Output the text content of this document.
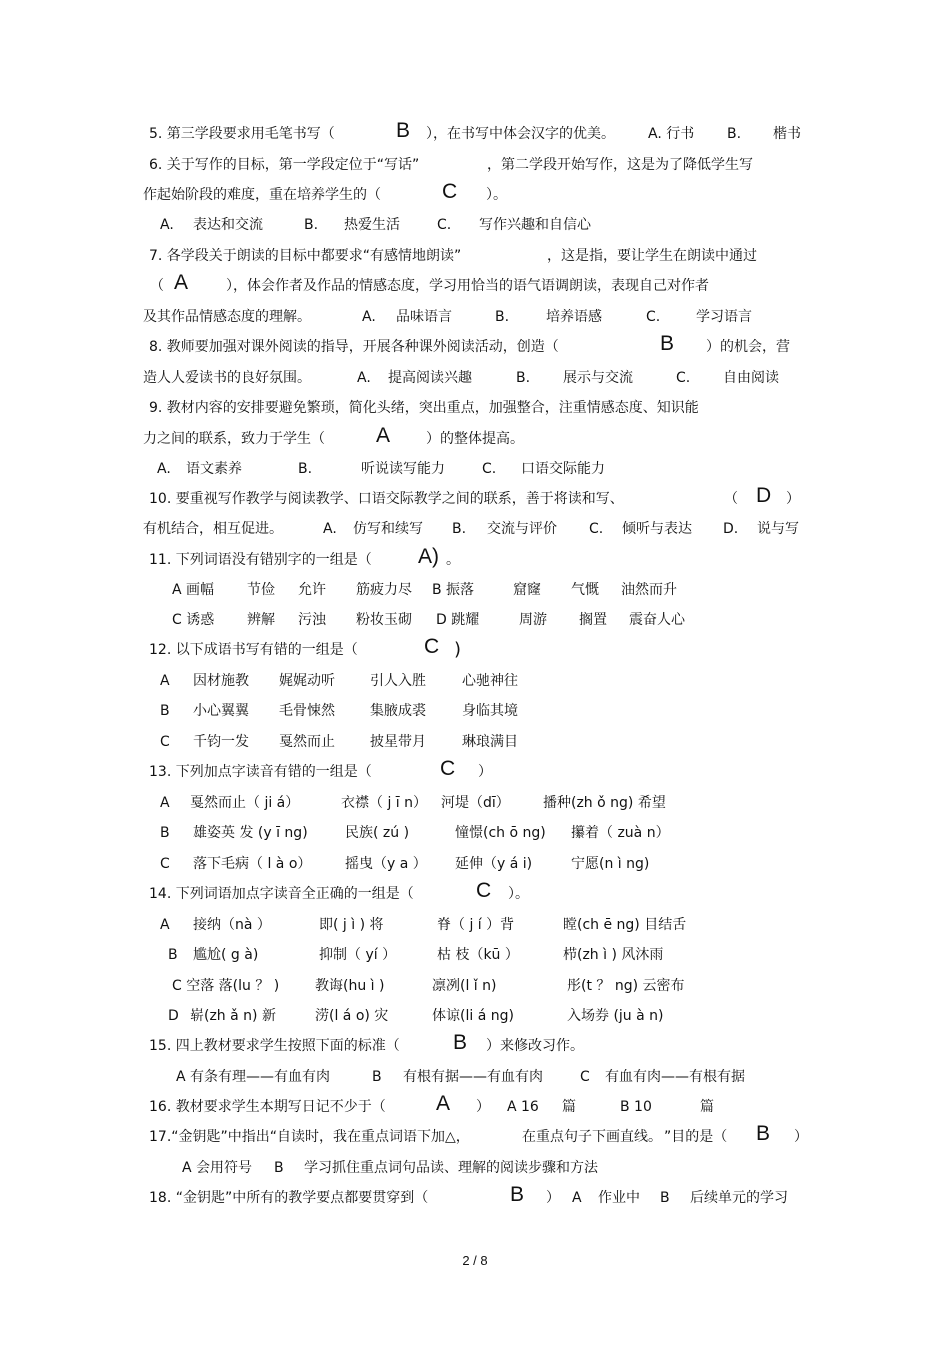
5. 第三学段要求用毛笔书写（	B ），在书写中体会汉字的优美。 A. 行书 B. 楷书
6. 关于写作的目标，第一学段定位于“写话”	，第二学段开始写作，这是为了降低学生写
作起始阶段的难度，重在培养学生的（	C ）。
A. 表达和交流	B. 热爱生活	C. 写作兴趣和自信心
7. 各学段关于朗读的目标中都要求“有感情地朗读”	，这是指，要让学生在朗读中通过
（ A	），体会作者及作品的情感态度，学习用恰当的语气语调朗读，表现自己对作者
及其作品情感态度的理解。	A. 品味语言	B.	培养语感	C.	学习语言
8. 教师要加强对课外阅读的指导，开展各种课外阅读活动，创造（	B ）的机会，营
造人人爱读书的良好氛围。	A. 提高阅读兴趣	B. 展示与交流	C. 自由阅读
9. 教材内容的安排要避免繁琐，简化头绪，突出重点，加强整合，注重情感态度、知识能
力之间的联系，致力于学生（ A	）的整体提高。
A. 语文素养	B.	听说读写能力	C. 口语交际能力
10. 要重视写作教学与阅读教学、口语交际教学之间的联系，善于将读和写、	（ D ）
有机结合，相互促进。	A. 仿写和续写 B. 交流与评价 C. 倾听与表达 D. 说与写
11. 下列词语没有错别字的一组是（ A) 。
A 画幅 节俭 允许 筋疲力尽 B 振落	窟窿 气慨 油然而升
C 诱惑 辨解 污浊 粉妆玉砌 D 跳耀	周游 搁置 震奋人心
12. 以下成语书写有错的一组是（	C )
A 因材施教 娓娓动听	引人入胜	心驰神往
B 小心翼翼 毛骨悚然	集腋成裘	身临其境
C 千钧一发 戛然而止	披星带月	琳琅满目
13. 下列加点字读音有错的一组是（	C ）
A 戛然而止（ ji á）	衣襟（ j ī n） 河堤（dī） 播种(zh ǒ ng) 希望
B 雄姿英 发 (y ī ng)	民族( zú )	憧憬(ch ō ng) 攥着（ zuà n）
C 落下毛病（ l à o） 摇曳（y a ） 延伸（y á i)	宁愿(n ì ng)
14. 下列词语加点字读音全正确的一组是（	C ）。
A 接纳（nà ）	即( j ì ) 将	脊（ j í ）背	瞠(ch ē ng) 目结舌
B 尴尬( g à)	抑制（ yí ）	枯 枝（kū ）	栉(zh ì ) 风沐雨
C 空落 落(lu ？ )	教诲(hu ì )	凛冽(l ǐ n)	彤(t ？ ng) 云密布
D 崭(zh ǎ n) 新	涝(l á o) 灾	体谅(li á ng)	入场券 (ju à n)
15. 四上教材要求学生按照下面的标准（	B ）来修改习作。
A 有条有理——有血有肉	B 有根有据——有血有肉	C 有血有肉——有根有据
16. 教材要求学生本期写日记不少于（ A ） A 16 篇	B 10	篇
17.“金钥匙”中指出“自读时，我在重点词语下加△，	在重点句子下画直线。 ”目的是（ B ）
A 会用符号 B 学习抓住重点词句品读、理解的阅读步骤和方法
18. “金钥匙”中所有的教学要点都要贯穿到（	B ） A 作业中 B 后续单元的学习
2 / 8
